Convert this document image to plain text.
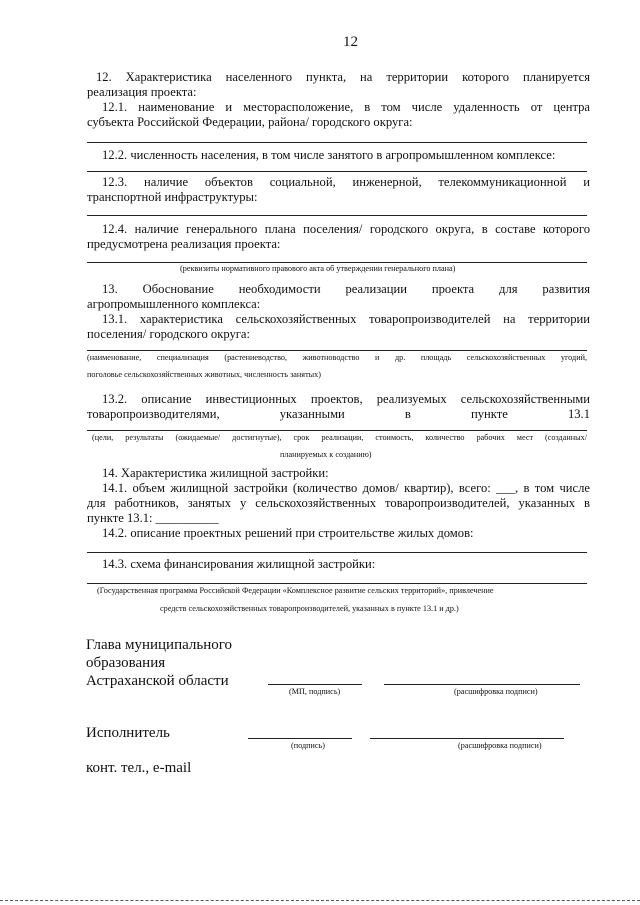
12
12. Характеристика населенного пункта, на территории которого планируется
реализация проекта:
12.1. наименование и месторасположение, в том числе удаленность от центра
субъекта Российской Федерации, района/ городского округа:
12.2. численность населения, в том числе занятого в агропромышленном комплексе:
12.3. наличие объектов социальной, инженерной, телекоммуникационной и
транспортной инфраструктуры:
12.4. наличие генерального плана поселения/ городского округа, в составе которого
предусмотрена реализация проекта:
(реквизиты нормативного правового акта об утверждении генерального плана)
13. Обоснование необходимости реализации проекта для развития
агропромышленного комплекса:
13.1. характеристика сельскохозяйственных товаропроизводителей на территории
поселения/ городского округа:
(наименование, специализация (растениеводство, животноводство и др. площадь сельскохозяйственных угодий,
поголовье сельскохозяйственных животных, численность занятых)
13.2. описание инвестиционных проектов, реализуемых сельскохозяйственными
товаропроизводителями, указанными в пункте 13.1
(цели, результаты (ожидаемые/ достигнутые), срок реализации, стоимость, количество рабочих мест (созданных/
планируемых к созданию)
14. Характеристика жилищной застройки:
14.1. объем жилищной застройки (количество домов/ квартир), всего: ___, в том числе
для работников, занятых у сельскохозяйственных товаропроизводителей, указанных в
пункте 13.1: __________
14.2. описание проектных решений при строительстве жилых домов:
14.3. схема финансирования жилищной застройки:
(Государственная программа Российской Федерации «Комплексное развитие сельских территорий», привлечение
средств сельскохозяйственных товаропроизводителей, указанных в пункте 13.1 и др.)
Глава муниципального
образования
Астраханской области
(МП, подпись)	(расшифровка подписи)
Исполнитель
(подпись)	(расшифровка подписи)
конт. тел., e-mail
